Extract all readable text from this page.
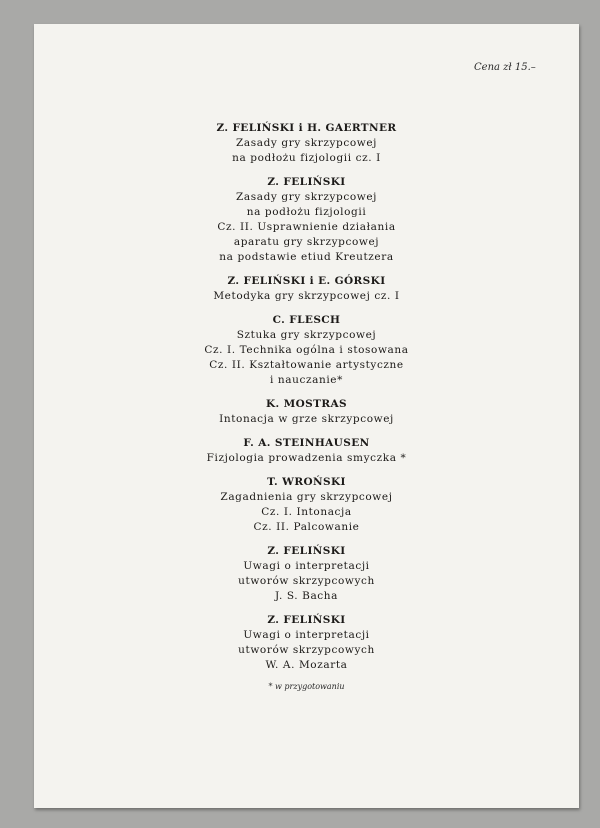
Cena zł 15.–
Z. FELIŃSKI i H. GAERTNER
Zasady gry skrzypcowej
na podłożu fizjologii cz. I
Z. FELIŃSKI
Zasady gry skrzypcowej
na podłożu fizjologii
Cz. II. Usprawnienie działania
aparatu gry skrzypcowej
na podstawie etiud Kreutzera
Z. FELIŃSKI i E. GÓRSKI
Metodyka gry skrzypcowej cz. I
C. FLESCH
Sztuka gry skrzypcowej
Cz. I. Technika ogólna i stosowana
Cz. II. Kształtowanie artystyczne
i nauczanie*
K. MOSTRAS
Intonacja w grze skrzypcowej
F. A. STEINHAUSEN
Fizjologia prowadzenia smyczka *
T. WROŃSKI
Zagadnienia gry skrzypcowej
Cz. I. Intonacja
Cz. II. Palcowanie
Z. FELIŃSKI
Uwagi o interpretacji
utworów skrzypcowych
J. S. Bacha
Z. FELIŃSKI
Uwagi o interpretacji
utworów skrzypcowych
W. A. Mozarta
* w przygotowaniu
